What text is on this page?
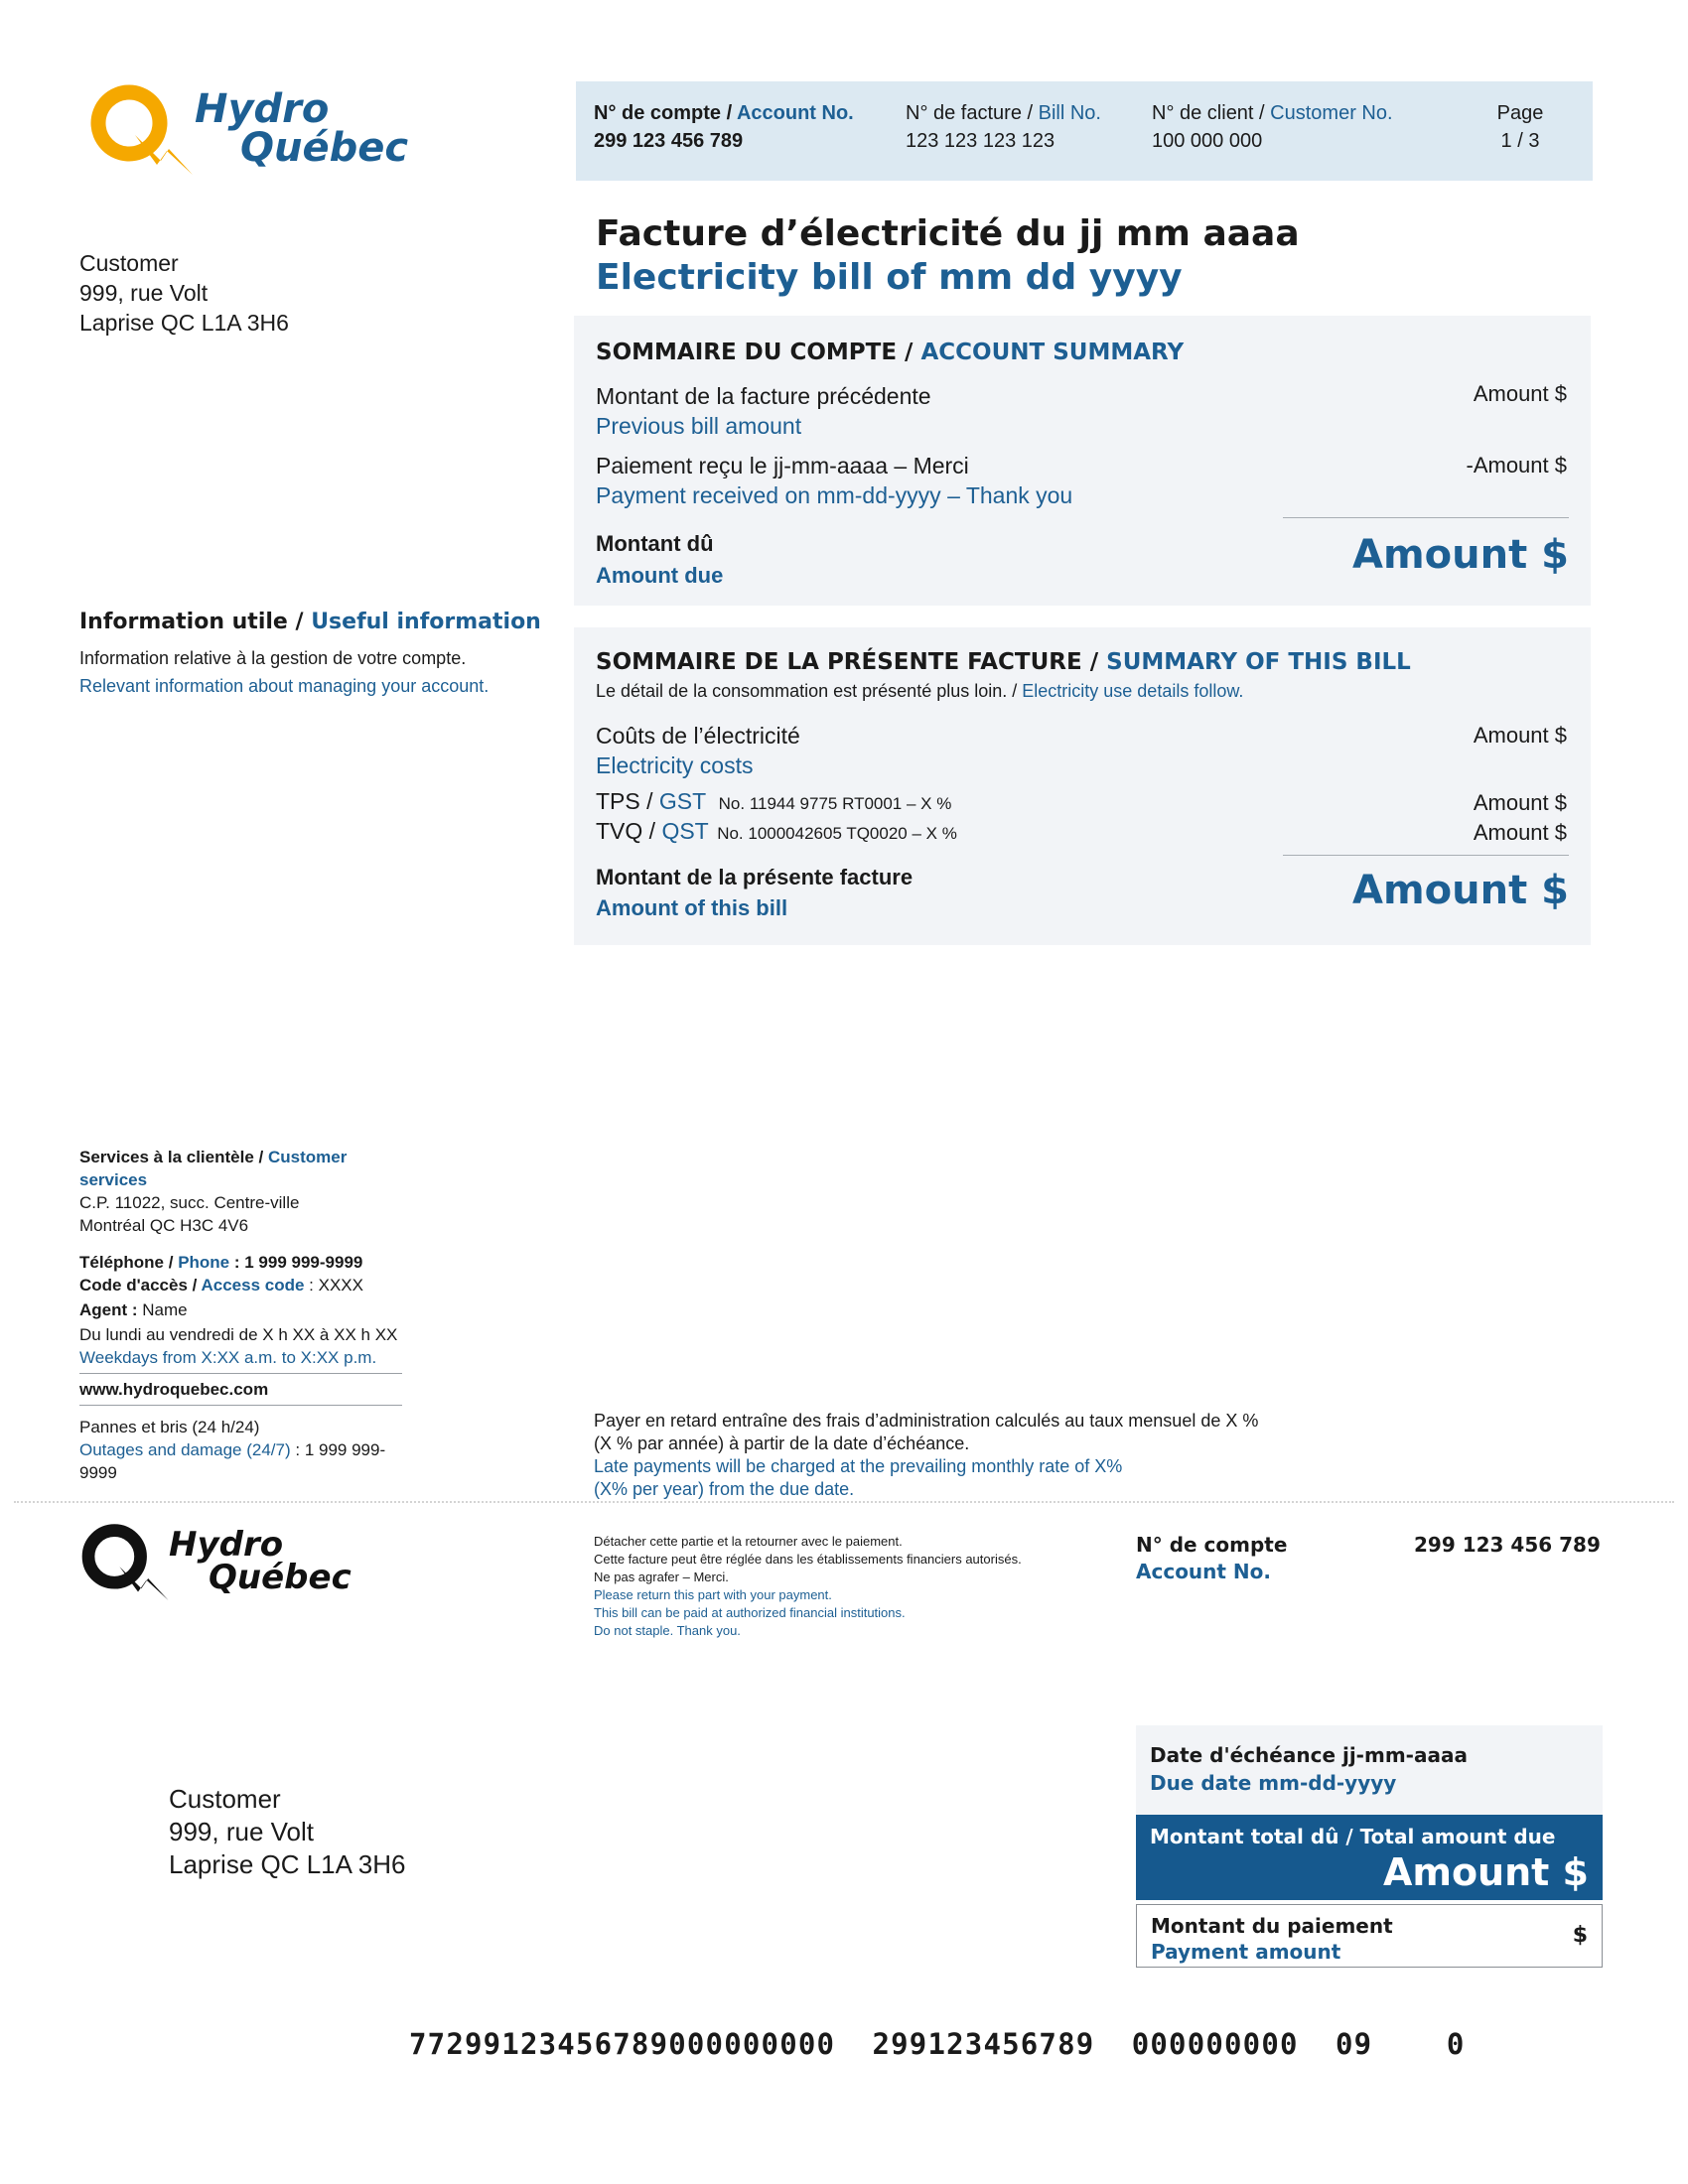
Hydro
Québec
N° de compte / Account No.
299 123 456 789
N° de facture / Bill No.
123 123 123 123
N° de client / Customer No.
100 000 000
Page
1 / 3
Customer
999, rue Volt
Laprise QC L1A 3H6
Facture d’électricité du jj mm aaaa
Electricity bill of mm dd yyyy
SOMMAIRE DU COMPTE / ACCOUNT SUMMARY
Montant de la facture précédente
Previous bill amount
Amount $
Paiement reçu le jj-mm-aaaa – Merci
Payment received on mm-dd-yyyy – Thank you
-Amount $
Montant dû
Amount due	Amount $
Information utile / Useful information
Information relative à la gestion de votre compte.
Relevant information about managing your account.
SOMMAIRE DE LA PRÉSENTE FACTURE / SUMMARY OF THIS BILL
Le détail de la consommation est présenté plus loin. / Electricity use details follow.
Coûts de l’électricité
Electricity costs
Amount $
TPS / GST No. 11944 9775 RT0001 – X %	Amount $
TVQ / QST No. 1000042605 TQ0020 – X %	Amount $
Montant de la présente facture
Amount of this bill	Amount $
Services à la clientèle / Customer services
C.P. 11022, succ. Centre-ville
Montréal QC H3C 4V6
Téléphone / Phone : 1 999 999-9999
Code d'accès / Access code : XXXX
Agent : Name
Du lundi au vendredi de X h XX à XX h XX
Weekdays from X:XX a.m. to X:XX p.m.
www.hydroquebec.com
Pannes et bris (24 h/24)
Outages and damage (24/7) : 1 999 999-9999
Payer en retard entraîne des frais d’administration calculés au taux mensuel de X %
(X % par année) à partir de la date d’échéance.
Late payments will be charged at the prevailing monthly rate of X%
(X% per year) from the due date.
Hydro
Québec
Détacher cette partie et la retourner avec le paiement.
Cette facture peut être réglée dans les établissements financiers autorisés.
Ne pas agrafer – Merci.
Please return this part with your payment.
This bill can be paid at authorized financial institutions.
Do not staple. Thank you.
N° de compte
Account No.
299 123 456 789
Customer
999, rue Volt
Laprise QC L1A 3H6
Date d'échéance jj-mm-aaaa
Due date mm-dd-yyyy
Montant total dû / Total amount due
Amount $
Montant du paiement
Payment amount
$
77299123456789000000000  299123456789  000000000  09    0
